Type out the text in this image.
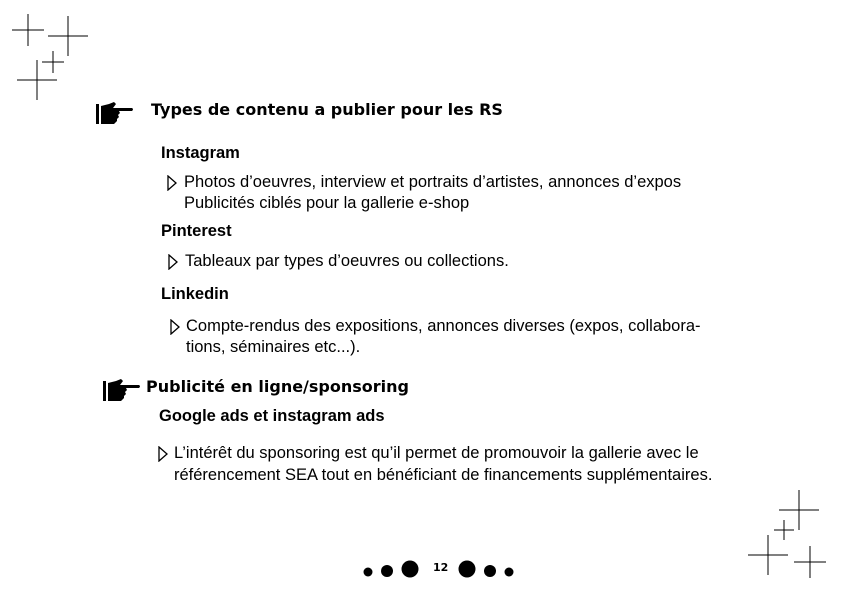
Types de contenu a publier pour les RS
Instagram
Photos d’oeuvres, interview et portraits d’artistes, annonces d’expos
Publicités ciblés pour la gallerie e-shop
Pinterest
Tableaux par types d’oeuvres ou collections.
Linkedin
Compte-rendus des expositions, annonces diverses (expos, collabora-
tions, séminaires etc...).
Publicité en ligne/sponsoring
Google ads et instagram ads
L’intérêt du sponsoring est qu’il permet de promouvoir la gallerie avec le
référencement SEA tout en bénéficiant de financements supplémentaires.
12
